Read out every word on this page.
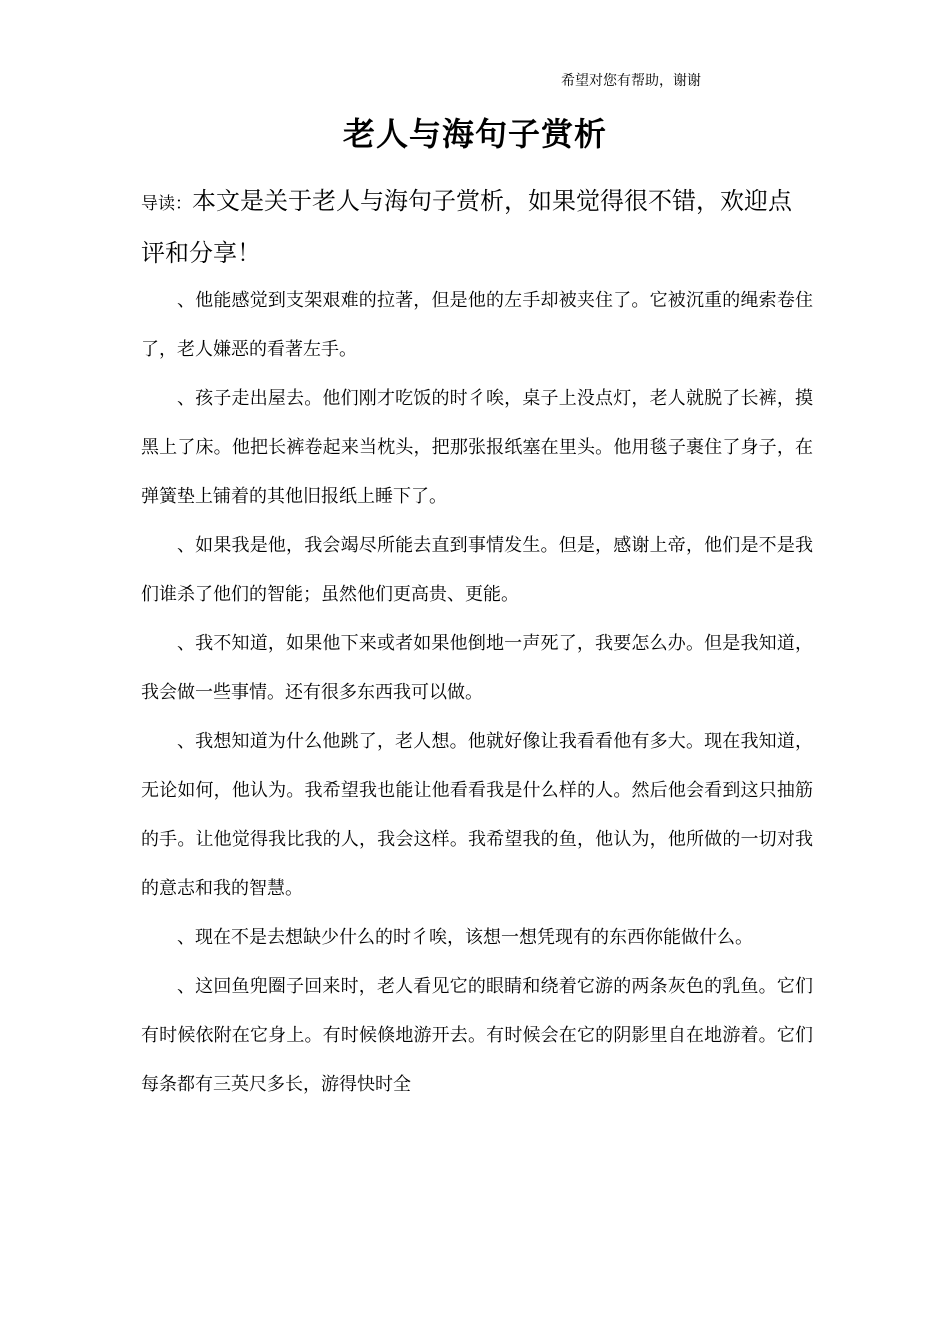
希望对您有帮助，谢谢
老人与海句子赏析
导读：本文是关于老人与海句子赏析，如果觉得很不错，欢迎点评和分享！

、他能感觉到支架艰难的拉著，但是他的左手却被夹住了。它被沉重的绳索卷住了，老人嫌恶的看著左手。

、孩子走出屋去。他们刚才吃饭的时彳唉，桌子上没点灯，老人就脱了长裤，摸黑上了床。他把长裤卷起来当枕头，把那张报纸塞在里头。他用毯子裹住了身子，在弹簧垫上铺着的其他旧报纸上睡下了。

、如果我是他，我会竭尽所能去直到事情发生。但是，感谢上帝，他们是不是我们谁杀了他们的智能；虽然他们更高贵、更能。

、我不知道，如果他下来或者如果他倒地一声死了，我要怎么办。但是我知道，我会做一些事情。还有很多东西我可以做。

、我想知道为什么他跳了，老人想。他就好像让我看看他有多大。现在我知道，无论如何，他认为。我希望我也能让他看看我是什么样的人。然后他会看到这只抽筋的手。让他觉得我比我的人，我会这样。我希望我的鱼，他认为，他所做的一切对我的意志和我的智慧。

、现在不是去想缺少什么的时彳唉，该想一想凭现有的东西你能做什么。

、这回鱼兜圈子回来时，老人看见它的眼睛和绕着它游的两条灰色的乳鱼。它们有时候依附在它身上。有时候倏地游开去。有时候会在它的阴影里自在地游着。它们每条都有三英尺多长，游得快时全
